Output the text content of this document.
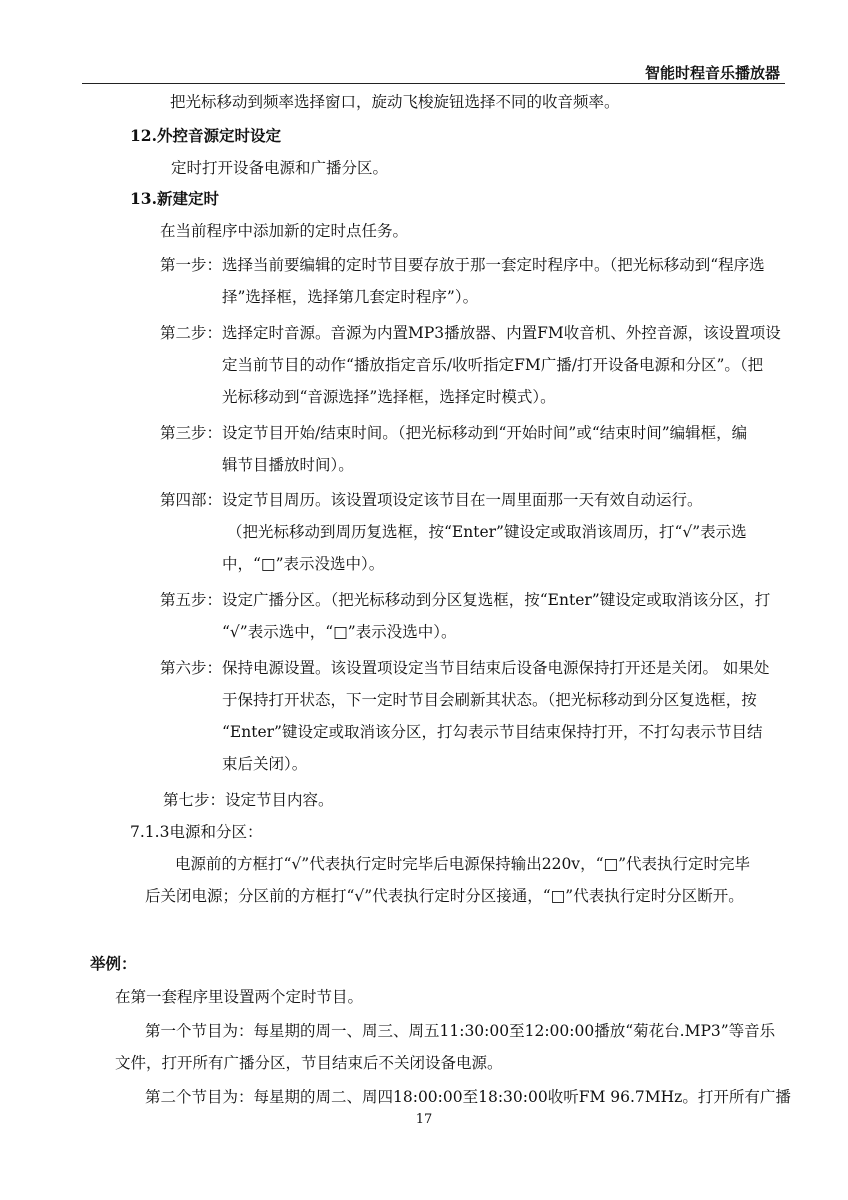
智能时程音乐播放器
把光标移动到频率选择窗口，旋动飞梭旋钮选择不同的收音频率。
12.外控音源定时设定
定时打开设备电源和广播分区。
13.新建定时
在当前程序中添加新的定时点任务。
第一步：选择当前要编辑的定时节目要存放于那一套定时程序中。（把光标移动到“程序选
择”选择框，选择第几套定时程序”）。
第二步：选择定时音源。音源为内置MP3播放器、内置FM收音机、外控音源，该设置项设
定当前节目的动作“播放指定音乐/收听指定FM广播/打开设备电源和分区”。（把
光标移动到“音源选择”选择框，选择定时模式）。
第三步：设定节目开始/结束时间。（把光标移动到“开始时间”或“结束时间”编辑框，编
辑节目播放时间）。
第四部：设定节目周历。该设置项设定该节目在一周里面那一天有效自动运行。
（把光标移动到周历复选框，按“Enter”键设定或取消该周历，打“√”表示选
中，“□”表示没选中）。
第五步：设定广播分区。（把光标移动到分区复选框，按“Enter”键设定或取消该分区，打
“√”表示选中，“□”表示没选中）。
第六步：保持电源设置。该设置项设定当节目结束后设备电源保持打开还是关闭。 如果处
于保持打开状态，下一定时节目会刷新其状态。（把光标移动到分区复选框，按
“Enter”键设定或取消该分区，打勾表示节目结束保持打开，不打勾表示节目结
束后关闭）。
第七步：设定节目内容。
7.1.3电源和分区：
电源前的方框打“√”代表执行定时完毕后电源保持输出220v，“□”代表执行定时完毕
后关闭电源；分区前的方框打“√”代表执行定时分区接通，“□”代表执行定时分区断开。
举例：
在第一套程序里设置两个定时节目。
第一个节目为：每星期的周一、周三、周五11:30:00至12:00:00播放“菊花台.MP3”等音乐
文件，打开所有广播分区，节目结束后不关闭设备电源。
第二个节目为：每星期的周二、周四18:00:00至18:30:00收听FM 96.7MHz。打开所有广播
17
